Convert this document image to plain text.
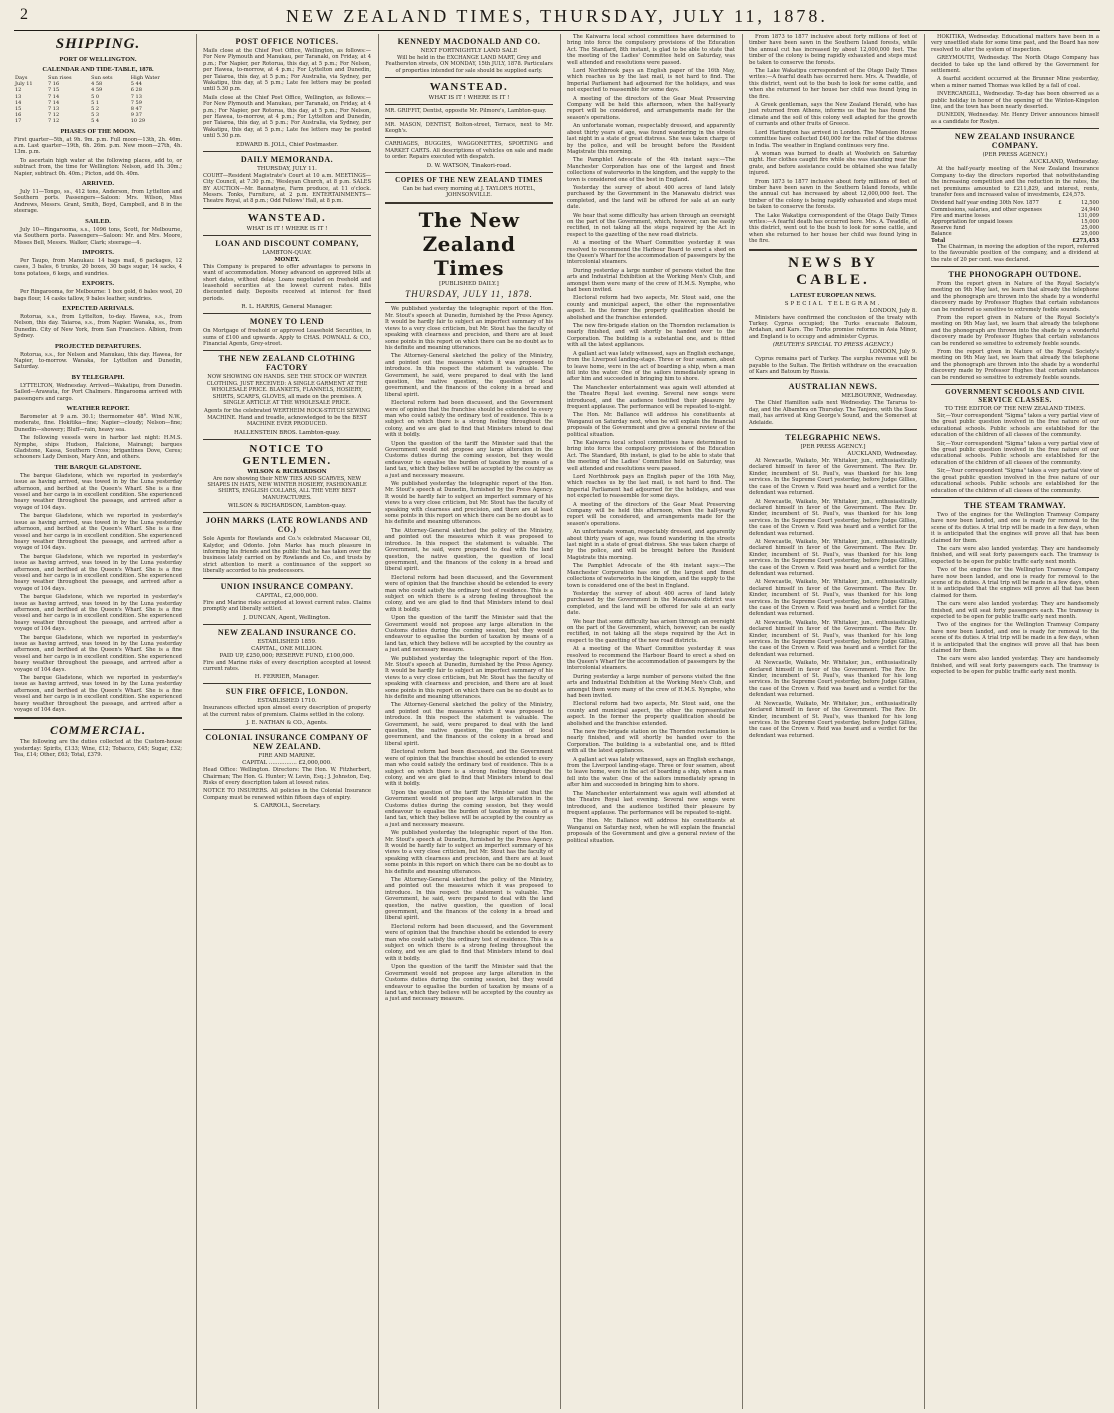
2	NEW ZEALAND TIMES, THURSDAY, JULY 11, 1878.
SHIPPING.
PORT OF WELLINGTON.
CALENDAR AND TIDE-TABLE, 1878.
Days	Sun rises	Sun sets	High Water
July 11	7 16	4 58	5 44
12	7 15	4 59	6 28
13	7 14	5 0	7 13
14	7 14	5 1	7 59
15	7 13	5 2	8 47
16	7 12	5 3	9 37
17	7 12	5 4	10 29
PHASES OF THE MOON.

First quarter—5th, at 9h. 9m. p.m. Full moon—13th, 2h. 46m. a.m. Last quarter—19th, 6h. 26m. p.m. New moon—27th, 4h. 13m. p.m.

To ascertain high water at the following places, add to, or subtract from, the time for Wellington: Nelson, add 1h. 30m.; Napier, subtract 0h. 40m.; Picton, add 0h. 40m.

ARRIVED.

July 11—Tongo, ss., 412 tons, Anderson, from Lyttelton and Southern ports. Passengers—Saloon: Mrs. Wilson, Miss Andrews, Messrs. Grant, Smith, Boyd, Campbell, and 8 in the steerage.

SAILED.

July 10—Ringarooma, s.s., 1096 tons, Scott, for Melbourne, via Southern ports. Passengers—Saloon: Mr. and Mrs. Moore, Misses Bell, Messrs. Walker, Clark; steerage—4.

IMPORTS.

Per Taupo, from Manukau: 14 bags mail, 6 packages, 12 cases, 3 bales, 6 trunks, 20 boxes, 30 bags sugar, 14 sacks, 4 tons potatoes, 6 kegs, and sundries.

EXPORTS.

Per Ringarooma, for Melbourne: 1 box gold, 6 bales wool, 20 bags flour, 14 casks tallow, 9 bales leather, sundries.

EXPECTED ARRIVALS.

Rotorua, s.s., from Lyttelton, to-day. Hawea, s.s., from Nelson, this day. Taiaroa, s.s., from Napier. Wanaka, ss., from Dunedin. City of New York, from San Francisco. Albion, from Sydney.

PROJECTED DEPARTURES.

Rotorua, s.s., for Nelson and Manukau, this day. Hawea, for Napier, to-morrow. Wanaka, for Lyttelton and Dunedin, Saturday.

BY TELEGRAPH.

LYTTELTON, Wednesday. Arrived—Wakatipu, from Dunedin. Sailed—Arawata, for Port Chalmers. Ringarooma arrived with passengers and cargo.

WEATHER REPORT.

Barometer at 9 a.m. 30.1; thermometer 48°. Wind N.W., moderate, fine. Hokitika—fine; Napier—cloudy; Nelson—fine; Dunedin—showery; Bluff—rain, heavy sea.

The following vessels were in harbor last night: H.M.S. Nymphe, ships Hudson, Halcione, Mairangi; barques Gladstone, Kassa, Southern Cross; brigantines Dove, Ceres; schooners Lady Denison, Mary Ann, and others.

THE BARQUE GLADSTONE.

The barque Gladstone, which we reported in yesterday's issue as having arrived, was towed in by the Luna yesterday afternoon, and berthed at the Queen's Wharf. She is a fine vessel and her cargo is in excellent condition. She experienced heavy weather throughout the passage, and arrived after a voyage of 104 days.

The barque Gladstone, which we reported in yesterday's issue as having arrived, was towed in by the Luna yesterday afternoon, and berthed at the Queen's Wharf. She is a fine vessel and her cargo is in excellent condition. She experienced heavy weather throughout the passage, and arrived after a voyage of 104 days.

The barque Gladstone, which we reported in yesterday's issue as having arrived, was towed in by the Luna yesterday afternoon, and berthed at the Queen's Wharf. She is a fine vessel and her cargo is in excellent condition. She experienced heavy weather throughout the passage, and arrived after a voyage of 104 days.

The barque Gladstone, which we reported in yesterday's issue as having arrived, was towed in by the Luna yesterday afternoon, and berthed at the Queen's Wharf. She is a fine vessel and her cargo is in excellent condition. She experienced heavy weather throughout the passage, and arrived after a voyage of 104 days.

The barque Gladstone, which we reported in yesterday's issue as having arrived, was towed in by the Luna yesterday afternoon, and berthed at the Queen's Wharf. She is a fine vessel and her cargo is in excellent condition. She experienced heavy weather throughout the passage, and arrived after a voyage of 104 days.

The barque Gladstone, which we reported in yesterday's issue as having arrived, was towed in by the Luna yesterday afternoon, and berthed at the Queen's Wharf. She is a fine vessel and her cargo is in excellent condition. She experienced heavy weather throughout the passage, and arrived after a voyage of 104 days.

COMMERCIAL.

The following are the duties collected at the Custom-house yesterday: Spirits, £133; Wine, £12; Tobacco, £45; Sugar, £32; Tea, £14; Other, £63; Total, £379.

POST OFFICE NOTICES.

Mails close at the Chief Post Office, Wellington, as follows:—For New Plymouth and Manukau, per Taranaki, on Friday, at 4 p.m.; For Napier, per Rotorua, this day, at 5 p.m.; For Nelson, per Hawea, to-morrow, at 4 p.m.; For Lyttelton and Dunedin, per Taiaroa, this day, at 5 p.m.; For Australia, via Sydney, per Wakatipu, this day, at 5 p.m.; Late fee letters may be posted until 5.30 p.m.

Mails close at the Chief Post Office, Wellington, as follows:—For New Plymouth and Manukau, per Taranaki, on Friday, at 4 p.m.; For Napier, per Rotorua, this day, at 5 p.m.; For Nelson, per Hawea, to-morrow, at 4 p.m.; For Lyttelton and Dunedin, per Taiaroa, this day, at 5 p.m.; For Australia, via Sydney, per Wakatipu, this day, at 5 p.m.; Late fee letters may be posted until 5.30 p.m.

EDWARD B. JOLL, Chief Postmaster.
DAILY MEMORANDA.
THURSDAY, JULY 11.

COURT—Resident Magistrate's Court at 10 a.m. MEETINGS—City Council, at 7.30 p.m.; Wesleyan Church, at 8 p.m. SALES BY AUCTION—Mr. Bannatyne, Farm produce, at 11 o'clock. Messrs. Tonks, Furniture, at 2 p.m. ENTERTAINMENTS—Theatre Royal, at 8 p.m.; Odd Fellows' Hall, at 8 p.m.

WANSTEAD.
WHAT IS IT ! WHERE IS IT !
LOAN AND DISCOUNT COMPANY,
LAMBTON-QUAY.
MONEY.

This Company is prepared to offer advantages to persons in want of accommodation. Money advanced on approved bills at short dates, without delay. Loans negotiated on freehold and leasehold securities at the lowest current rates. Bills discounted daily. Deposits received at interest for fixed periods.

R. L. HARRIS, General Manager.
MONEY TO LEND

On Mortgage of freehold or approved Leasehold Securities, in sums of £100 and upwards. Apply to CHAS. POWNALL & CO., Financial Agents, Grey-street.

THE NEW ZEALAND CLOTHING FACTORY

NOW SHOWING ON HANDS. SEE THE STOCK OF WINTER CLOTHING. JUST RECEIVED: A SINGLE GARMENT AT THE WHOLESALE PRICE. BLANKETS, FLANNELS, HOSIERY, SHIRTS, SCARFS, GLOVES, all made on the premises. A SINGLE ARTICLE AT THE WHOLESALE PRICE.

Agents for the celebrated WERTHEIM ROCK-STITCH SEWING MACHINE. Hand and treadle, acknowledged to be the BEST MACHINE EVER PRODUCED.

HALLENSTEIN BROS. Lambton-quay.
NOTICE TO GENTLEMEN.
WILSON & RICHARDSON

Are now showing their NEW TIES AND SCARVES, NEW SHAPES IN HATS, NEW WINTER HOSIERY, FASHIONABLE SHIRTS, ENGLISH COLLARS, ALL THE VERY BEST MANUFACTURES.

WILSON & RICHARDSON, Lambton-quay.
JOHN MARKS (LATE ROWLANDS AND CO.)

Sole Agents for Rowlands and Co.'s celebrated Macassar Oil, Kalydor, and Odonto. John Marks has much pleasure in informing his friends and the public that he has taken over the business lately carried on by Rowlands and Co., and trusts by strict attention to merit a continuance of the support so liberally accorded to his predecessors.

UNION INSURANCE COMPANY.
CAPITAL, £2,000,000.

Fire and Marine risks accepted at lowest current rates. Claims promptly and liberally settled.

J. DUNCAN, Agent, Wellington.
NEW ZEALAND INSURANCE CO.
ESTABLISHED 1859.
CAPITAL, ONE MILLION.
PAID UP, £250,000; RESERVE FUND, £100,000.

Fire and Marine risks of every description accepted at lowest current rates.

H. FERRIER, Manager.
SUN FIRE OFFICE, LONDON.
ESTABLISHED 1710.

Insurances effected upon almost every description of property at the current rates of premium. Claims settled in the colony.

J. E. NATHAN & CO., Agents.
COLONIAL INSURANCE COMPANY OF NEW ZEALAND.
FIRE AND MARINE.
CAPITAL ................ £2,000,000.

Head Office: Wellington. Directors: The Hon. W. Fitzherbert, Chairman; The Hon. G. Hunter; W. Levin, Esq.; J. Johnston, Esq. Risks of every description taken at lowest rates.

NOTICE TO INSURERS. All policies in the Colonial Insurance Company must be renewed within fifteen days of expiry.

S. CARROLL, Secretary.
KENNEDY MACDONALD AND CO.
NEXT FORTNIGHTLY LAND SALE

Will be held in the EXCHANGE LAND MART, Grey and Featherston streets, ON MONDAY, 15th JULY, 1878. Particulars of properties intended for sale should be supplied early.

WANSTEAD.
WHAT IS IT ! WHERE IS IT !

MR. GRIFFIT, Dentist, opposite Mr. Pilmore's, Lambton-quay.

MR. MASON, DENTIST, Bolton-street, Terrace, next to Mr. Keogh's.

CARRIAGES, BUGGIES, WAGGONETTES, SPORTING and MARKET CARTS. All descriptions of vehicles on sale and made to order. Repairs executed with despatch.

D. W. WATSON, Tinakori-road.
COPIES OF THE NEW ZEALAND TIMES

Can be had every morning at J. TAYLOR'S HOTEL, JOHNSONVILLE.

The New Zealand Times
[PUBLISHED DAILY.]
THURSDAY, JULY 11, 1878.

We published yesterday the telegraphic report of the Hon. Mr. Stout's speech at Dunedin, furnished by the Press Agency. It would be hardly fair to subject an imperfect summary of his views to a very close criticism, but Mr. Stout has the faculty of speaking with clearness and precision, and there are at least some points in this report on which there can be no doubt as to his definite and meaning utterances.

The Attorney-General sketched the policy of the Ministry, and pointed out the measures which it was proposed to introduce. In this respect the statement is valuable. The Government, he said, were prepared to deal with the land question, the native question, the question of local government, and the finances of the colony in a broad and liberal spirit.

Electoral reform had been discussed, and the Government were of opinion that the franchise should be extended to every man who could satisfy the ordinary test of residence. This is a subject on which there is a strong feeling throughout the colony, and we are glad to find that Ministers intend to deal with it boldly.

Upon the question of the tariff the Minister said that the Government would not propose any large alteration in the Customs duties during the coming session, but they would endeavour to equalise the burden of taxation by means of a land tax, which they believe will be accepted by the country as a just and necessary measure.

We published yesterday the telegraphic report of the Hon. Mr. Stout's speech at Dunedin, furnished by the Press Agency. It would be hardly fair to subject an imperfect summary of his views to a very close criticism, but Mr. Stout has the faculty of speaking with clearness and precision, and there are at least some points in this report on which there can be no doubt as to his definite and meaning utterances.

The Attorney-General sketched the policy of the Ministry, and pointed out the measures which it was proposed to introduce. In this respect the statement is valuable. The Government, he said, were prepared to deal with the land question, the native question, the question of local government, and the finances of the colony in a broad and liberal spirit.

Electoral reform had been discussed, and the Government were of opinion that the franchise should be extended to every man who could satisfy the ordinary test of residence. This is a subject on which there is a strong feeling throughout the colony, and we are glad to find that Ministers intend to deal with it boldly.

Upon the question of the tariff the Minister said that the Government would not propose any large alteration in the Customs duties during the coming session, but they would endeavour to equalise the burden of taxation by means of a land tax, which they believe will be accepted by the country as a just and necessary measure.

We published yesterday the telegraphic report of the Hon. Mr. Stout's speech at Dunedin, furnished by the Press Agency. It would be hardly fair to subject an imperfect summary of his views to a very close criticism, but Mr. Stout has the faculty of speaking with clearness and precision, and there are at least some points in this report on which there can be no doubt as to his definite and meaning utterances.

The Attorney-General sketched the policy of the Ministry, and pointed out the measures which it was proposed to introduce. In this respect the statement is valuable. The Government, he said, were prepared to deal with the land question, the native question, the question of local government, and the finances of the colony in a broad and liberal spirit.

Electoral reform had been discussed, and the Government were of opinion that the franchise should be extended to every man who could satisfy the ordinary test of residence. This is a subject on which there is a strong feeling throughout the colony, and we are glad to find that Ministers intend to deal with it boldly.

Upon the question of the tariff the Minister said that the Government would not propose any large alteration in the Customs duties during the coming session, but they would endeavour to equalise the burden of taxation by means of a land tax, which they believe will be accepted by the country as a just and necessary measure.

We published yesterday the telegraphic report of the Hon. Mr. Stout's speech at Dunedin, furnished by the Press Agency. It would be hardly fair to subject an imperfect summary of his views to a very close criticism, but Mr. Stout has the faculty of speaking with clearness and precision, and there are at least some points in this report on which there can be no doubt as to his definite and meaning utterances.

The Attorney-General sketched the policy of the Ministry, and pointed out the measures which it was proposed to introduce. In this respect the statement is valuable. The Government, he said, were prepared to deal with the land question, the native question, the question of local government, and the finances of the colony in a broad and liberal spirit.

Electoral reform had been discussed, and the Government were of opinion that the franchise should be extended to every man who could satisfy the ordinary test of residence. This is a subject on which there is a strong feeling throughout the colony, and we are glad to find that Ministers intend to deal with it boldly.

Upon the question of the tariff the Minister said that the Government would not propose any large alteration in the Customs duties during the coming session, but they would endeavour to equalise the burden of taxation by means of a land tax, which they believe will be accepted by the country as a just and necessary measure.

The Kaiwarra local school committees have determined to bring into force the compulsory provisions of the Education Act. The Standard, 8th instant, is glad to be able to state that the meeting of the Ladies' Committee held on Saturday, was well attended and resolutions were passed.

Lord Northbrook pays an English paper of the 16th May, which reaches us by the last mail, is not hard to find. The Imperial Parliament had adjourned for the holidays, and was not expected to reassemble for some days.

A meeting of the directors of the Gear Meat Preserving Company will be held this afternoon, when the half-yearly report will be considered, and arrangements made for the season's operations.

An unfortunate woman, respectably dressed, and apparently about thirty years of age, was found wandering in the streets last night in a state of great distress. She was taken charge of by the police, and will be brought before the Resident Magistrate this morning.

The Pamphlet Advocate of the 4th instant says:—The Manchester Corporation has one of the largest and finest collections of waterworks in the kingdom, and the supply to the town is considered one of the best in England.

Yesterday the survey of about 400 acres of land lately purchased by the Government in the Manawatu district was completed, and the land will be offered for sale at an early date.

We hear that some difficulty has arisen through an oversight on the part of the Government, which, however, can be easily rectified, in not taking all the steps required by the Act in respect to the gazetting of the new road districts.

At a meeting of the Wharf Committee yesterday it was resolved to recommend the Harbour Board to erect a shed on the Queen's Wharf for the accommodation of passengers by the intercolonial steamers.

During yesterday a large number of persons visited the fine arts and Industrial Exhibition at the Working Men's Club, and amongst them were many of the crew of H.M.S. Nymphe, who had been invited.

Electoral reform had two aspects, Mr. Stout said, one the county and municipal aspect, the other the representative aspect. In the former the property qualification should be abolished and the franchise extended.

The new fire-brigade station on the Thorndon reclamation is nearly finished, and will shortly be handed over to the Corporation. The building is a substantial one, and is fitted with all the latest appliances.

A gallant act was lately witnessed, says an English exchange, from the Liverpool landing-stage. Three or four seamen, about to leave home, were in the act of boarding a ship, when a man fell into the water. One of the sailors immediately sprang in after him and succeeded in bringing him to shore.

The Manchester entertainment was again well attended at the Theatre Royal last evening. Several new songs were introduced, and the audience testified their pleasure by frequent applause. The performance will be repeated to-night.

The Hon. Mr. Ballance will address his constituents at Wanganui on Saturday next, when he will explain the financial proposals of the Government and give a general review of the political situation.

The Kaiwarra local school committees have determined to bring into force the compulsory provisions of the Education Act. The Standard, 8th instant, is glad to be able to state that the meeting of the Ladies' Committee held on Saturday, was well attended and resolutions were passed.

Lord Northbrook pays an English paper of the 16th May, which reaches us by the last mail, is not hard to find. The Imperial Parliament had adjourned for the holidays, and was not expected to reassemble for some days.

A meeting of the directors of the Gear Meat Preserving Company will be held this afternoon, when the half-yearly report will be considered, and arrangements made for the season's operations.

An unfortunate woman, respectably dressed, and apparently about thirty years of age, was found wandering in the streets last night in a state of great distress. She was taken charge of by the police, and will be brought before the Resident Magistrate this morning.

The Pamphlet Advocate of the 4th instant says:—The Manchester Corporation has one of the largest and finest collections of waterworks in the kingdom, and the supply to the town is considered one of the best in England.

Yesterday the survey of about 400 acres of land lately purchased by the Government in the Manawatu district was completed, and the land will be offered for sale at an early date.

We hear that some difficulty has arisen through an oversight on the part of the Government, which, however, can be easily rectified, in not taking all the steps required by the Act in respect to the gazetting of the new road districts.

At a meeting of the Wharf Committee yesterday it was resolved to recommend the Harbour Board to erect a shed on the Queen's Wharf for the accommodation of passengers by the intercolonial steamers.

During yesterday a large number of persons visited the fine arts and Industrial Exhibition at the Working Men's Club, and amongst them were many of the crew of H.M.S. Nymphe, who had been invited.

Electoral reform had two aspects, Mr. Stout said, one the county and municipal aspect, the other the representative aspect. In the former the property qualification should be abolished and the franchise extended.

The new fire-brigade station on the Thorndon reclamation is nearly finished, and will shortly be handed over to the Corporation. The building is a substantial one, and is fitted with all the latest appliances.

A gallant act was lately witnessed, says an English exchange, from the Liverpool landing-stage. Three or four seamen, about to leave home, were in the act of boarding a ship, when a man fell into the water. One of the sailors immediately sprang in after him and succeeded in bringing him to shore.

The Manchester entertainment was again well attended at the Theatre Royal last evening. Several new songs were introduced, and the audience testified their pleasure by frequent applause. The performance will be repeated to-night.

The Hon. Mr. Ballance will address his constituents at Wanganui on Saturday next, when he will explain the financial proposals of the Government and give a general review of the political situation.

From 1873 to 1877 inclusive about forty millions of feet of timber have been sawn in the Southern Island forests, while the annual cut has increased by about 12,000,000 feet. The timber of the colony is being rapidly exhausted and steps must be taken to conserve the forests.

The Lake Wakatipu correspondent of the Otago Daily Times writes:—A fearful death has occurred here. Mrs. A. Twaddle, of this district, went out to the bush to look for some cattle, and when she returned to her house her child was found lying in the fire.

A Greek gentleman, says the New Zealand Herald, who has just returned from Athens, informs us that he has found the climate and the soil of this colony well adapted for the growth of currants and other fruits of Greece.

Lord Hartington has arrived in London. The Mansion House committee have collected £40,000 for the relief of the distress in India. The weather in England continues very fine.

A woman was burned to death at Woolwich on Saturday night. Her clothes caught fire while she was standing near the grate, and before assistance could be obtained she was fatally injured.

From 1873 to 1877 inclusive about forty millions of feet of timber have been sawn in the Southern Island forests, while the annual cut has increased by about 12,000,000 feet. The timber of the colony is being rapidly exhausted and steps must be taken to conserve the forests.

The Lake Wakatipu correspondent of the Otago Daily Times writes:—A fearful death has occurred here. Mrs. A. Twaddle, of this district, went out to the bush to look for some cattle, and when she returned to her house her child was found lying in the fire.

NEWS BY CABLE.
LATEST EUROPEAN NEWS.
SPECIAL TELEGRAM.
LONDON, July 8.

Ministers have confirmed the conclusion of the treaty with Turkey. Cyprus occupied; the Turks evacuate Batoum, Ardahan, and Kars. The Turks promise reforms in Asia Minor, and England is to occupy and administer Cyprus.

(REUTER'S SPECIAL TO PRESS AGENCY.)
LONDON, July 9.

Cyprus remains part of Turkey. The surplus revenue will be payable to the Sultan. The British withdraw on the evacuation of Kars and Batoum by Russia.

AUSTRALIAN NEWS.
MELBOURNE, Wednesday.

The Chief Hamilton sails next Wednesday. The Tararua to-day, and the Albambra on Thursday. The Tanjore, with the Suez mail, has arrived at King George's Sound, and the Somerset at Adelaide.

TELEGRAPHIC NEWS.
[PER PRESS AGENCY.]
AUCKLAND, Wednesday.

At Newcastle, Waikato, Mr. Whitaker, jun., enthusiastically declared himself in favor of the Government. The Rev. Dr. Kinder, incumbent of St. Paul's, was thanked for his long services. In the Supreme Court yesterday, before Judge Gillies, the case of the Crown v. Reid was heard and a verdict for the defendant was returned.

At Newcastle, Waikato, Mr. Whitaker, jun., enthusiastically declared himself in favor of the Government. The Rev. Dr. Kinder, incumbent of St. Paul's, was thanked for his long services. In the Supreme Court yesterday, before Judge Gillies, the case of the Crown v. Reid was heard and a verdict for the defendant was returned.

At Newcastle, Waikato, Mr. Whitaker, jun., enthusiastically declared himself in favor of the Government. The Rev. Dr. Kinder, incumbent of St. Paul's, was thanked for his long services. In the Supreme Court yesterday, before Judge Gillies, the case of the Crown v. Reid was heard and a verdict for the defendant was returned.

At Newcastle, Waikato, Mr. Whitaker, jun., enthusiastically declared himself in favor of the Government. The Rev. Dr. Kinder, incumbent of St. Paul's, was thanked for his long services. In the Supreme Court yesterday, before Judge Gillies, the case of the Crown v. Reid was heard and a verdict for the defendant was returned.

At Newcastle, Waikato, Mr. Whitaker, jun., enthusiastically declared himself in favor of the Government. The Rev. Dr. Kinder, incumbent of St. Paul's, was thanked for his long services. In the Supreme Court yesterday, before Judge Gillies, the case of the Crown v. Reid was heard and a verdict for the defendant was returned.

At Newcastle, Waikato, Mr. Whitaker, jun., enthusiastically declared himself in favor of the Government. The Rev. Dr. Kinder, incumbent of St. Paul's, was thanked for his long services. In the Supreme Court yesterday, before Judge Gillies, the case of the Crown v. Reid was heard and a verdict for the defendant was returned.

At Newcastle, Waikato, Mr. Whitaker, jun., enthusiastically declared himself in favor of the Government. The Rev. Dr. Kinder, incumbent of St. Paul's, was thanked for his long services. In the Supreme Court yesterday, before Judge Gillies, the case of the Crown v. Reid was heard and a verdict for the defendant was returned.

HOKITIKA, Wednesday. Educational matters have been in a very unsettled state for some time past, and the Board has now resolved to alter the system of inspection.

GREYMOUTH, Wednesday. The North Otago Company has decided to take up the land offered by the Government for settlement.

A fearful accident occurred at the Brunner Mine yesterday, when a miner named Thomas was killed by a fall of coal.

INVERCARGILL, Wednesday. To-day has been observed as a public holiday in honor of the opening of the Winton-Kingston line, and the town has been nearly deserted.

DUNEDIN, Wednesday. Mr. Henry Driver announces himself as a candidate for Roslyn.

NEW ZEALAND INSURANCE COMPANY.
(PER PRESS AGENCY.)
AUCKLAND, Wednesday.

At the half-yearly meeting of the New Zealand Insurance Company to-day the directors reported that notwithstanding the increasing competition and the reduction in the rates, the net premiums amounted to £211,829, and interest, rents, transfer fees and increased value of investments, £24,575.

Dividend half year ending 30th Nov. 1877	£	12,500
Commissions, salaries, and other expenses	24,940
Fire and marine losses	131,009
Appropriation for unpaid losses	15,000
Reserve fund	25,000
Balance	25,000
Total	£273,453

The Chairman, in moving the adoption of the report, referred to the favourable position of the company, and a dividend at the rate of 20 per cent. was declared.

THE PHONOGRAPH OUTDONE.

From the report given in Nature of the Royal Society's meeting on 9th May last, we learn that already the telephone and the phonograph are thrown into the shade by a wonderful discovery made by Professor Hughes that certain substances can be rendered so sensitive to extremely feeble sounds.

From the report given in Nature of the Royal Society's meeting on 9th May last, we learn that already the telephone and the phonograph are thrown into the shade by a wonderful discovery made by Professor Hughes that certain substances can be rendered so sensitive to extremely feeble sounds.

From the report given in Nature of the Royal Society's meeting on 9th May last, we learn that already the telephone and the phonograph are thrown into the shade by a wonderful discovery made by Professor Hughes that certain substances can be rendered so sensitive to extremely feeble sounds.

GOVERNMENT SCHOOLS AND CIVIL SERVICE CLASSES.
TO THE EDITOR OF THE NEW ZEALAND TIMES.

Sir,—Your correspondent "Sigma" takes a very partial view of the great public question involved in the free nature of our educational schools. Public schools are established for the education of the children of all classes of the community.

Sir,—Your correspondent "Sigma" takes a very partial view of the great public question involved in the free nature of our educational schools. Public schools are established for the education of the children of all classes of the community.

Sir,—Your correspondent "Sigma" takes a very partial view of the great public question involved in the free nature of our educational schools. Public schools are established for the education of the children of all classes of the community.

THE STEAM TRAMWAY.

Two of the engines for the Wellington Tramway Company have now been landed, and one is ready for removal to the scene of its duties. A trial trip will be made in a few days, when it is anticipated that the engines will prove all that has been claimed for them.

The cars were also landed yesterday. They are handsomely finished, and will seat forty passengers each. The tramway is expected to be open for public traffic early next month.

Two of the engines for the Wellington Tramway Company have now been landed, and one is ready for removal to the scene of its duties. A trial trip will be made in a few days, when it is anticipated that the engines will prove all that has been claimed for them.

The cars were also landed yesterday. They are handsomely finished, and will seat forty passengers each. The tramway is expected to be open for public traffic early next month.

Two of the engines for the Wellington Tramway Company have now been landed, and one is ready for removal to the scene of its duties. A trial trip will be made in a few days, when it is anticipated that the engines will prove all that has been claimed for them.

The cars were also landed yesterday. They are handsomely finished, and will seat forty passengers each. The tramway is expected to be open for public traffic early next month.
